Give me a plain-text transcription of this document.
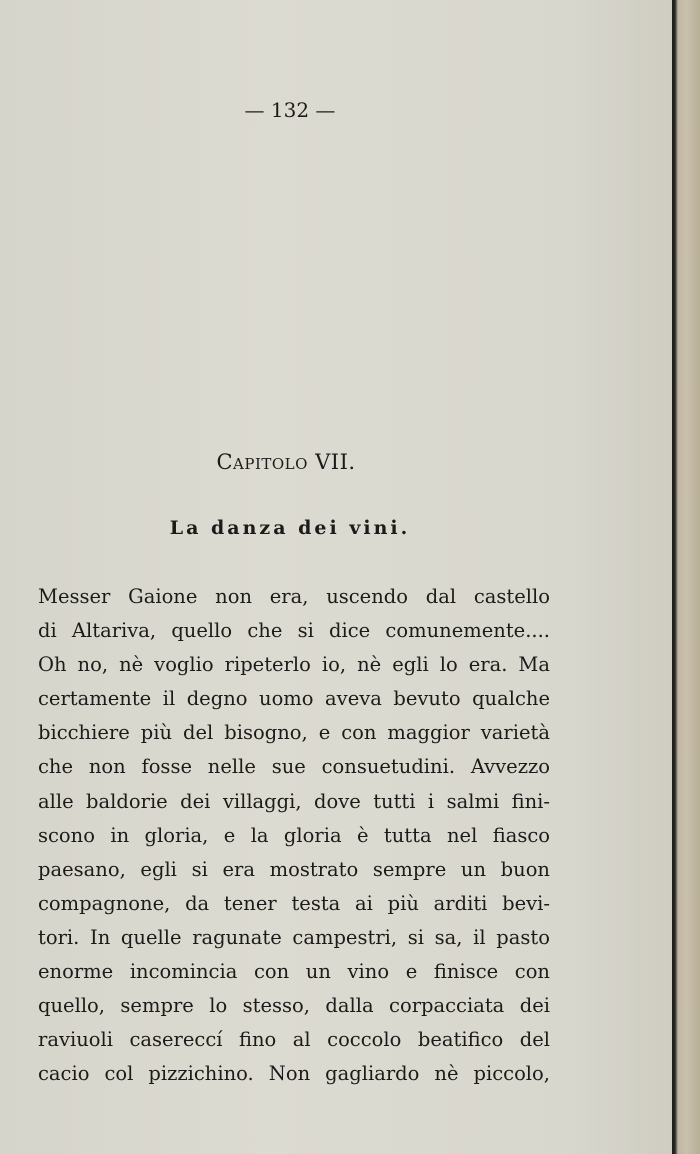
— 132 —
Capitolo VII.
La danza dei vini.
Messer Gaione non era, uscendo dal castello
di Altariva, quello che si dice comunemente....
Oh no, nè voglio ripeterlo io, nè egli lo era. Ma
certamente il degno uomo aveva bevuto qualche
bicchiere più del bisogno, e con maggior varietà
che non fosse nelle sue consuetudini. Avvezzo
alle baldorie dei villaggi, dove tutti i salmi fini-
scono in gloria, e la gloria è tutta nel fiasco
paesano, egli si era mostrato sempre un buon
compagnone, da tener testa ai più arditi bevi-
tori. In quelle ragunate campestri, si sa, il pasto
enorme incomincia con un vino e finisce con
quello, sempre lo stesso, dalla corpacciata dei
raviuoli casereccí fino al coccolo beatifico del
cacio col pizzichino. Non gagliardo nè piccolo,
